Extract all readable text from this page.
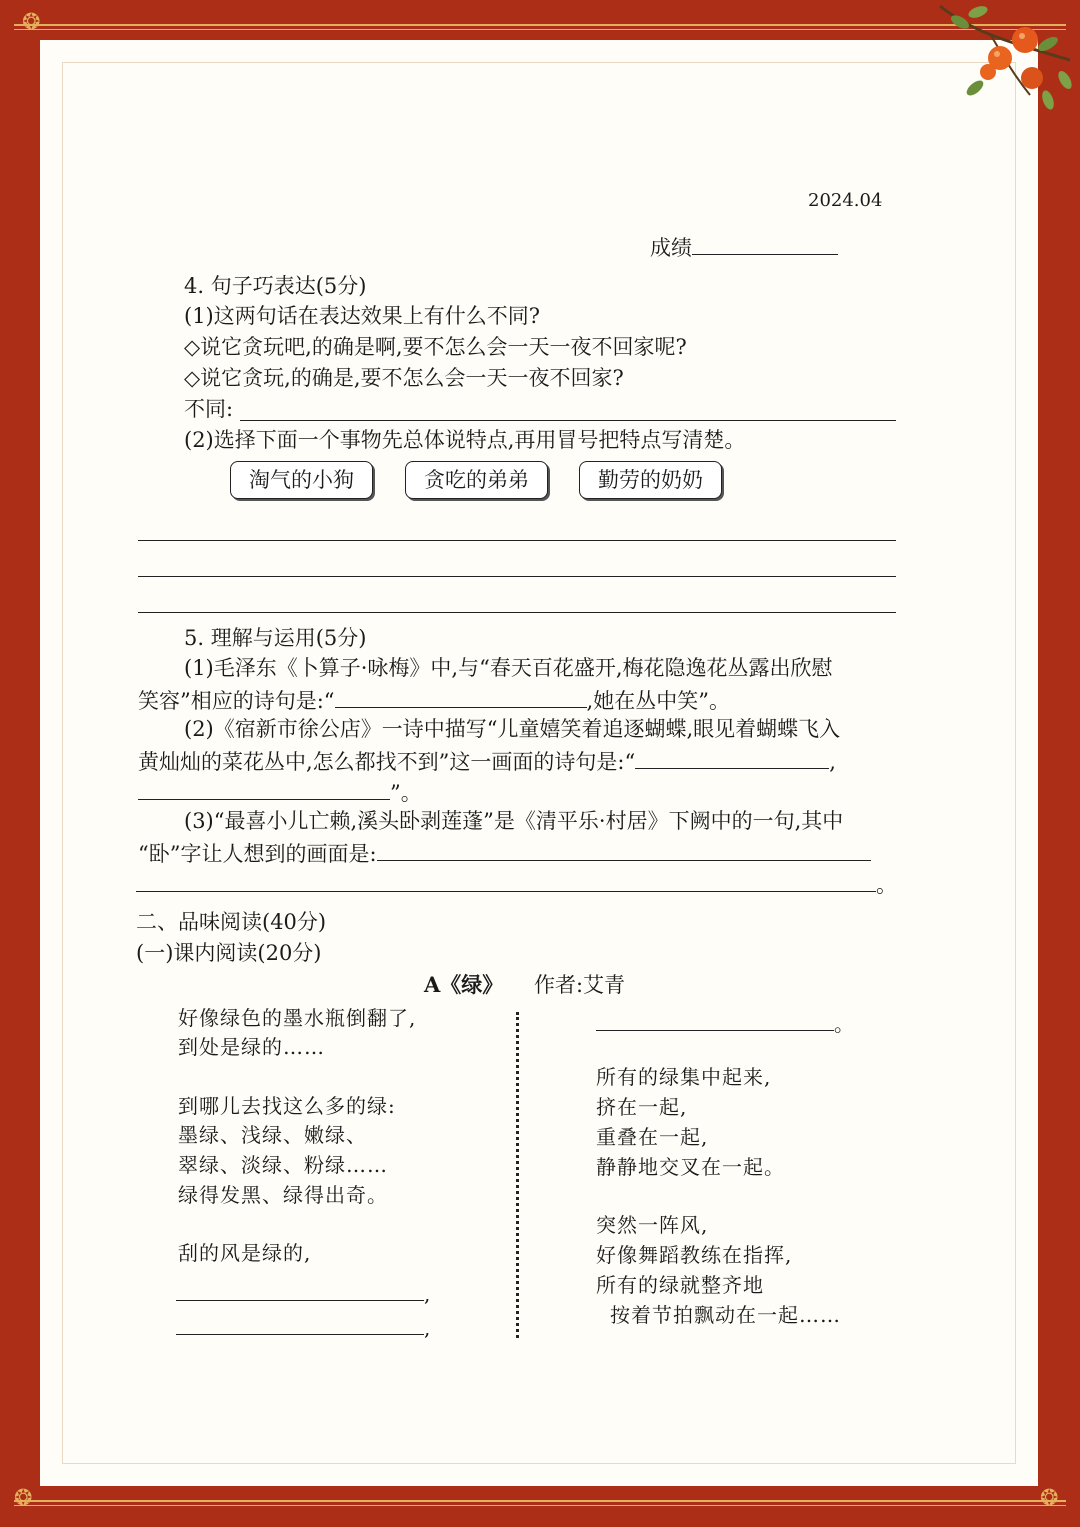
❂
❂	❂
2024.04
成绩
4. 句子巧表达(5分)
(1)这两句话在表达效果上有什么不同?
◇说它贪玩吧,的确是啊,要不怎么会一天一夜不回家呢?
◇说它贪玩,的确是,要不怎么会一天一夜不回家?
不同:
(2)选择下面一个事物先总体说特点,再用冒号把特点写清楚。
淘气的小狗	贪吃的弟弟	勤劳的奶奶
5. 理解与运用(5分)
(1)毛泽东《卜算子·咏梅》中,与“春天百花盛开,梅花隐逸花丛露出欣慰
笑容”相应的诗句是:“	,她在丛中笑”。
(2)《宿新市徐公店》一诗中描写“儿童嬉笑着追逐蝴蝶,眼见着蝴蝶飞入
黄灿灿的菜花丛中,怎么都找不到”这一画面的诗句是:“	,
”。
(3)“最喜小儿亡赖,溪头卧剥莲蓬”是《清平乐·村居》下阙中的一句,其中
“卧”字让人想到的画面是:
。
二、品味阅读(40分)
(一)课内阅读(20分)
A《绿》 作者:艾青
好像绿色的墨水瓶倒翻了,
到处是绿的……
到哪儿去找这么多的绿:
墨绿、浅绿、嫩绿、
翠绿、淡绿、粉绿……
绿得发黑、绿得出奇。
刮的风是绿的,
,
,
。
所有的绿集中起来,
挤在一起,
重叠在一起,
静静地交叉在一起。
突然一阵风,
好像舞蹈教练在指挥,
所有的绿就整齐地
按着节拍飘动在一起……
